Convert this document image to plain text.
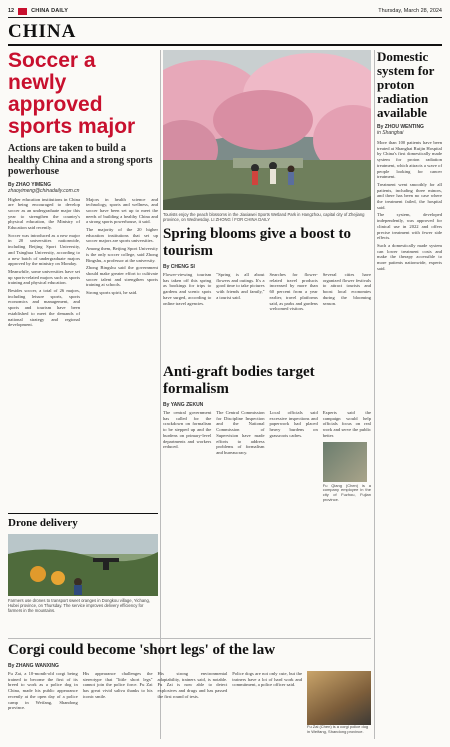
12	CHINA DAILY	Thursday, March 28, 2024
CHINA
Soccer a newly approved sports major
Actions are taken to build a healthy China and a strong sports powerhouse
By ZHAO YIMENG
zhaoyimeng@chinadaily.com.cn

Higher education institutions in China are being encouraged to develop soccer as an undergraduate major this year to strengthen the country's physical education, the Ministry of Education said recently.

Soccer was introduced as a new major in 20 universities nationwide, including Beijing Sport University, and Tsinghua University, according to a new batch of undergraduate majors approved by the ministry on Monday.

Meanwhile, some universities have set up sports-related majors such as sports training and physical education.

Besides soccer, a total of 26 majors, including leisure sports, sports economics and management, and sports and tourism have been established to meet the demands of national strategy and regional development.

Majors in health science and technology, sports and wellness, and soccer have been set up to meet the needs of building a healthy China and a strong sports powerhouse, it said.

The majority of the 20 higher education institutions that set up soccer majors are sports universities.

Among them, Beijing Sport University is the only soccer college, said Zhong Bingshu, a professor at the university.

Zhong Bingshu said the government should make greater effort to cultivate soccer talent and strengthen sports training at schools.

Strong sports spirit, he said.

Tourists enjoy the peach blossoms in the Jiaxiawei Sports Wetland Park in Hangzhou, capital city of Zhejiang province, on Wednesday. LI ZHONG / FOR CHINA DAILY
Spring blooms give a boost to tourism
By CHENG SI
Flower-viewing tourism has taken off this spring as bookings for trips to gardens and scenic spots have surged, according to online travel agencies.
"Spring is all about flowers and outings. It's a good time to take pictures with friends and family," a tourist said.
Searches for flower-related travel products increased by more than 60 percent from a year earlier, travel platforms said, as parks and gardens welcomed visitors.
Several cities have organized flower festivals to attract tourists and boost local economies during the blooming season.
Anti-graft bodies target formalism
By YANG ZEKUN
The central government has called for the crackdown on formalism to be stepped up and the burdens on primary-level departments and workers reduced.
The Central Commission for Discipline Inspection and the National Commission of Supervision have made efforts to address problems of formalism and bureaucracy.
Local officials said excessive inspections and paperwork had placed heavy burdens on grassroots cadres.
Experts said the campaign would help officials focus on real work and serve the public better.
Fu Qiang (Chen) is a company employee in the city of Fuzhou, Fujian province.
Domestic system for proton radiation available
By ZHOU WENTING
in Shanghai

More than 100 patients have been treated at Shanghai Ruijin Hospital by China's first domestically made system for proton radiation treatment, which attracts a wave of people looking for cancer treatment.

Treatment went smoothly for all patients, including three minors, and there has been no case where the treatment failed, the hospital said.

The system, developed independently, was approved for clinical use in 2022 and offers precise treatment with fewer side effects.

Such a domestically made system can lower treatment costs and make the therapy accessible to more patients nationwide, experts said.

Drone delivery
Farmers use drones to transport sweet oranges in Dongkou village, Yichang, Hubei province, on Thursday. The service improves delivery efficiency for farmers in the mountains.
Corgi could become 'short legs' of the law
By ZHANG WANXING
Fu Zai, a 10-month-old corgi being trained to become the first of its breed to work as a police dog in China, made his public appearance recently at the open day of a police camp in Weifang, Shandong province.
His appearance challenges the stereotype that "little short legs" cannot join the police force. Fu Zai has great vivid saliva thanks to his iconic smile.
His strong environmental adaptability, trainers said, is notable. Fu Zai is now able to detect explosives and drugs and has passed the first round of tests.
Police dogs are not only cute, but the trainers have a lot of hard work and commitment, a police officer said.
Fu Zai (Chen) is a corgi police dog in Weifang, Shandong province.
